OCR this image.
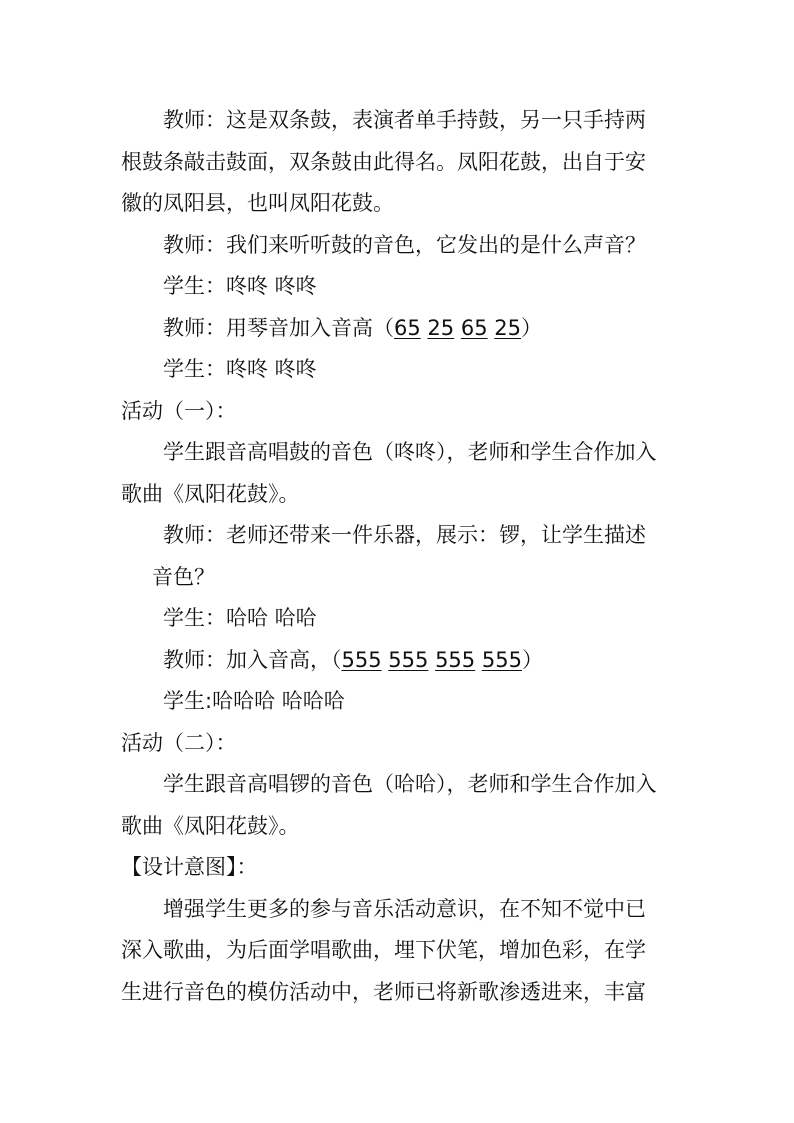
教师：这是双条鼓，表演者单手持鼓，另一只手持两
根鼓条敲击鼓面，双条鼓由此得名。凤阳花鼓，出自于安
徽的凤阳县，也叫凤阳花鼓。
教师：我们来听听鼓的音色，它发出的是什么声音？
学生：咚咚 咚咚
教师：用琴音加入音高（65 25 65 25）
学生：咚咚 咚咚
活动（一）：
学生跟音高唱鼓的音色（咚咚），老师和学生合作加入
歌曲《凤阳花鼓》。
教师：老师还带来一件乐器，展示：锣，让学生描述
音色？
学生：哈哈 哈哈
教师：加入音高，（555 555 555 555）
学生:哈哈哈 哈哈哈
活动（二）：
学生跟音高唱锣的音色（哈哈），老师和学生合作加入
歌曲《凤阳花鼓》。
【设计意图】：
增强学生更多的参与音乐活动意识，在不知不觉中已
深入歌曲，为后面学唱歌曲，埋下伏笔，增加色彩，在学
生进行音色的模仿活动中，老师已将新歌渗透进来，丰富
